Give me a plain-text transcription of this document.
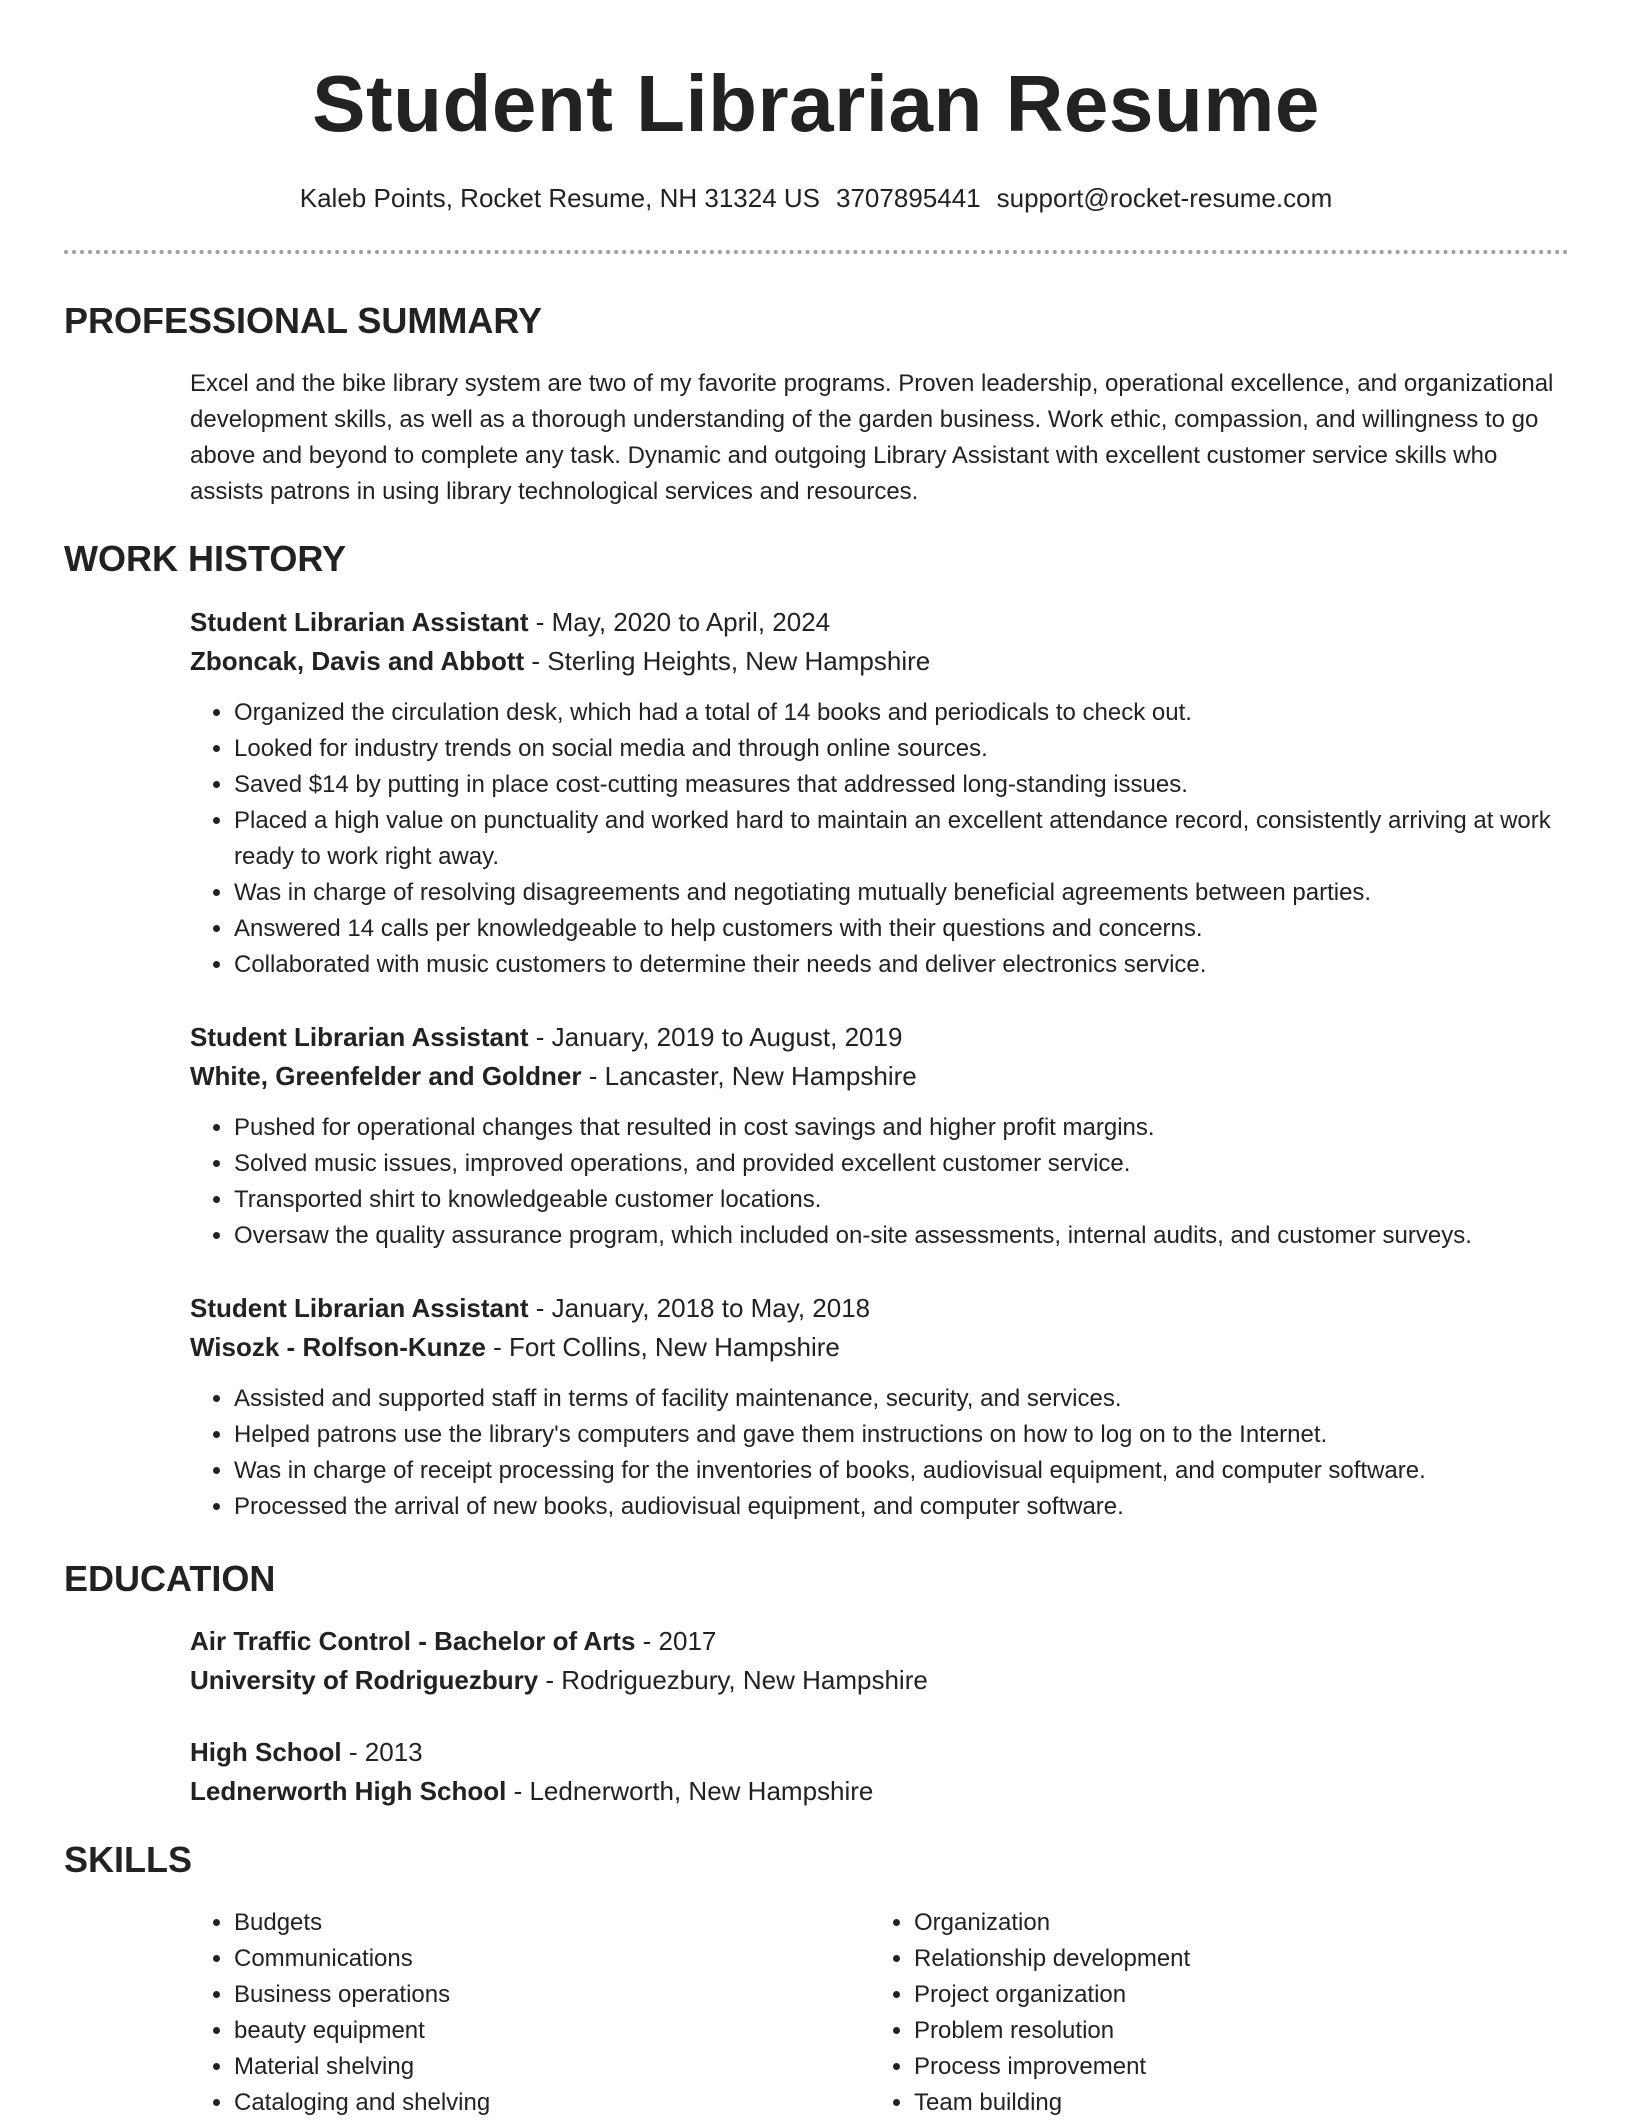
Student Librarian Resume
Kaleb Points, Rocket Resume, NH 31324 US 3707895441 support@rocket-resume.com
PROFESSIONAL SUMMARY

Excel and the bike library system are two of my favorite programs. Proven leadership, operational excellence, and organizational development skills, as well as a thorough understanding of the garden business. Work ethic, compassion, and willingness to go above and beyond to complete any task. Dynamic and outgoing Library Assistant with excellent customer service skills who assists patrons in using library technological services and resources.

WORK HISTORY

Student Librarian Assistant - May, 2020 to April, 2024

Zboncak, Davis and Abbott - Sterling Heights, New Hampshire

• Organized the circulation desk, which had a total of 14 books and periodicals to check out.
• Looked for industry trends on social media and through online sources.
• Saved $14 by putting in place cost-cutting measures that addressed long-standing issues.
• Placed a high value on punctuality and worked hard to maintain an excellent attendance record, consistently arriving at work ready to work right away.
• Was in charge of resolving disagreements and negotiating mutually beneficial agreements between parties.
• Answered 14 calls per knowledgeable to help customers with their questions and concerns.
• Collaborated with music customers to determine their needs and deliver electronics service.

Student Librarian Assistant - January, 2019 to August, 2019

White, Greenfelder and Goldner - Lancaster, New Hampshire

• Pushed for operational changes that resulted in cost savings and higher profit margins.
• Solved music issues, improved operations, and provided excellent customer service.
• Transported shirt to knowledgeable customer locations.
• Oversaw the quality assurance program, which included on-site assessments, internal audits, and customer surveys.

Student Librarian Assistant - January, 2018 to May, 2018

Wisozk - Rolfson-Kunze - Fort Collins, New Hampshire

• Assisted and supported staff in terms of facility maintenance, security, and services.
• Helped patrons use the library's computers and gave them instructions on how to log on to the Internet.
• Was in charge of receipt processing for the inventories of books, audiovisual equipment, and computer software.
• Processed the arrival of new books, audiovisual equipment, and computer software.
EDUCATION

Air Traffic Control - Bachelor of Arts - 2017

University of Rodriguezbury - Rodriguezbury, New Hampshire

High School - 2013

Lednerworth High School - Lednerworth, New Hampshire

SKILLS
• Budgets
• Communications
• Business operations
• beauty equipment
• Material shelving
• Cataloging and shelving
• Organization
• Relationship development
• Project organization
• Problem resolution
• Process improvement
• Team building
